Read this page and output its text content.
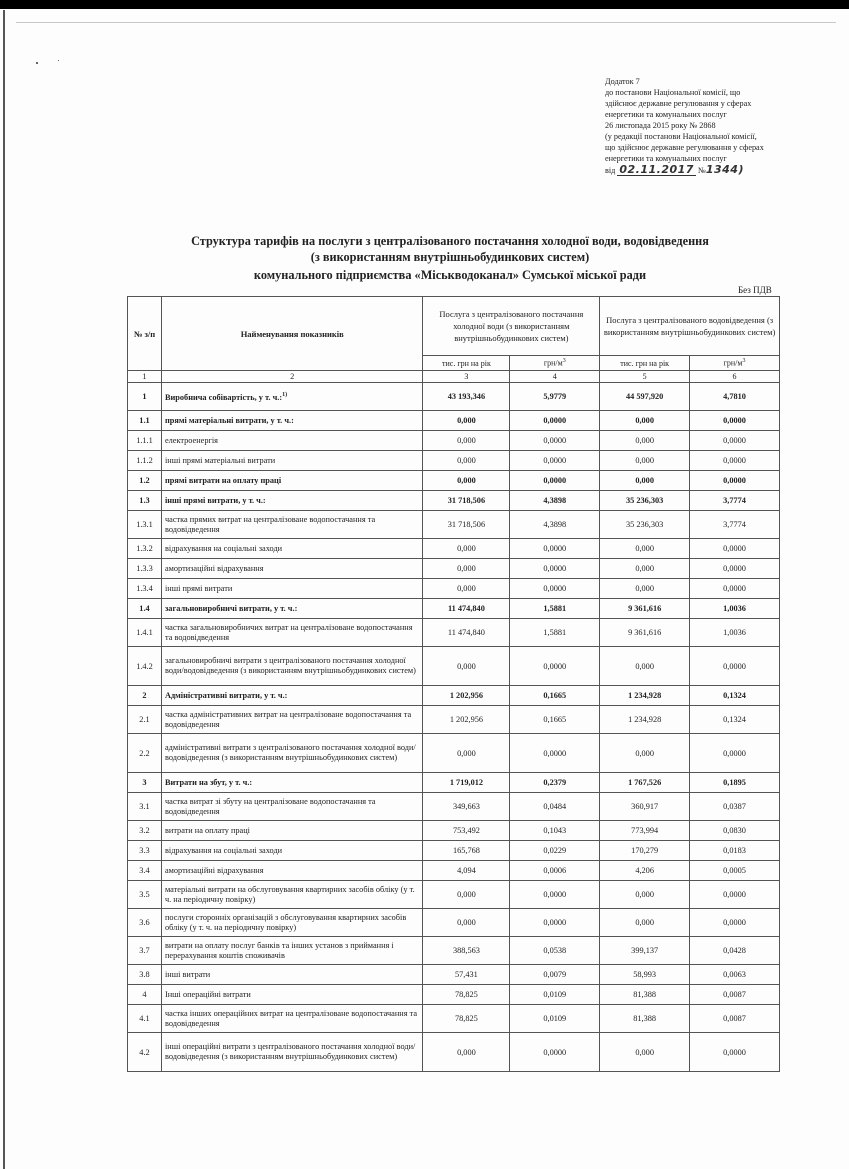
Додаток 7
до постанови Національної комісії, що
здійснює державне регулювання у сферах
енергетики та комунальних послуг
26 листопада 2015 року № 2868
(у редакції постанови Національної комісії,
що здійснює державне регулювання у сферах
енергетики та комунальних послуг
від 02.11.2017 №1344)
Структура тарифів на послуги з централізованого постачання холодної води, водовідведення
(з використанням внутрішньобудинкових систем)
комунального підприємства «Міськводоканал» Сумської міської ради
Без ПДВ
№ з/п	Найменування показників	Послуга з централізованого постачання холодної води (з використанням внутрішньобудинкових систем)		Послуга з централізованого водовідведення (з використанням внутрішньобудинкових систем)	
		тис. грн на рік	грн/$м^3$	тис. грн на рік	грн/$м^3$
1	2	3	4	5	6
1	Виробнича собівартість, у т. ч.:$^{1)}$	43 193,346	5,9779	44 597,920	4,7810
1.1	прямі матеріальні витрати, у т. ч.:	0,000	0,0000	0,000	0,0000
1.1.1	електроенергія	0,000	0,0000	0,000	0,0000
1.1.2	інші прямі матеріальні витрати	0,000	0,0000	0,000	0,0000
1.2	прямі витрати на оплату праці	0,000	0,0000	0,000	0,0000
1.3	інші прямі витрати, у т. ч.:	31 718,506	4,3898	35 236,303	3,7774
1.3.1	частка прямих витрат на централізоване водопостачання та водовідведення	31 718,506	4,3898	35 236,303	3,7774
1.3.2	відрахування на соціальні заходи	0,000	0,0000	0,000	0,0000
1.3.3	амортизаційні відрахування	0,000	0,0000	0,000	0,0000
1.3.4	інші прямі витрати	0,000	0,0000	0,000	0,0000
1.4	загальновиробничі витрати, у т. ч.:	11 474,840	1,5881	9 361,616	1,0036
1.4.1	частка загальновиробничих витрат на централізоване водопостачання та водовідведення	11 474,840	1,5881	9 361,616	1,0036
1.4.2	загальновиробничі витрати з централізованого постачання холодної води/водовідведення (з використанням внутрішньобудинкових систем)	0,000	0,0000	0,000	0,0000
2	Адміністративні витрати, у т. ч.:	1 202,956	0,1665	1 234,928	0,1324
2.1	частка адміністративних витрат на централізоване водопостачання та водовідведення	1 202,956	0,1665	1 234,928	0,1324
2.2	адміністративні витрати з централізованого постачання холодної води/водовідведення (з використанням внутрішньобудинкових систем)	0,000	0,0000	0,000	0,0000
3	Витрати на збут, у т. ч.:	1 719,012	0,2379	1 767,526	0,1895
3.1	частка витрат зі збуту на централізоване водопостачання та водовідведення	349,663	0,0484	360,917	0,0387
3.2	витрати на оплату праці	753,492	0,1043	773,994	0,0830
3.3	відрахування на соціальні заходи	165,768	0,0229	170,279	0,0183
3.4	амортизаційні відрахування	4,094	0,0006	4,206	0,0005
3.5	матеріальні витрати на обслуговування квартирних засобів обліку (у т. ч. на періодичну повірку)	0,000	0,0000	0,000	0,0000
3.6	послуги сторонніх організацій з обслуговування квартирних засобів обліку (у т. ч. на періодичну повірку)	0,000	0,0000	0,000	0,0000
3.7	витрати на оплату послуг банків та інших установ з приймання і перерахування коштів споживачів	388,563	0,0538	399,137	0,0428
3.8	інші витрати	57,431	0,0079	58,993	0,0063
4	Інші операційні витрати	78,825	0,0109	81,388	0,0087
4.1	частка інших операційних витрат на централізоване водопостачання та водовідведення	78,825	0,0109	81,388	0,0087
4.2	інші операційні витрати з централізованого постачання холодної води/водовідведення (з використанням внутрішньобудинкових систем)	0,000	0,0000	0,000	0,0000
